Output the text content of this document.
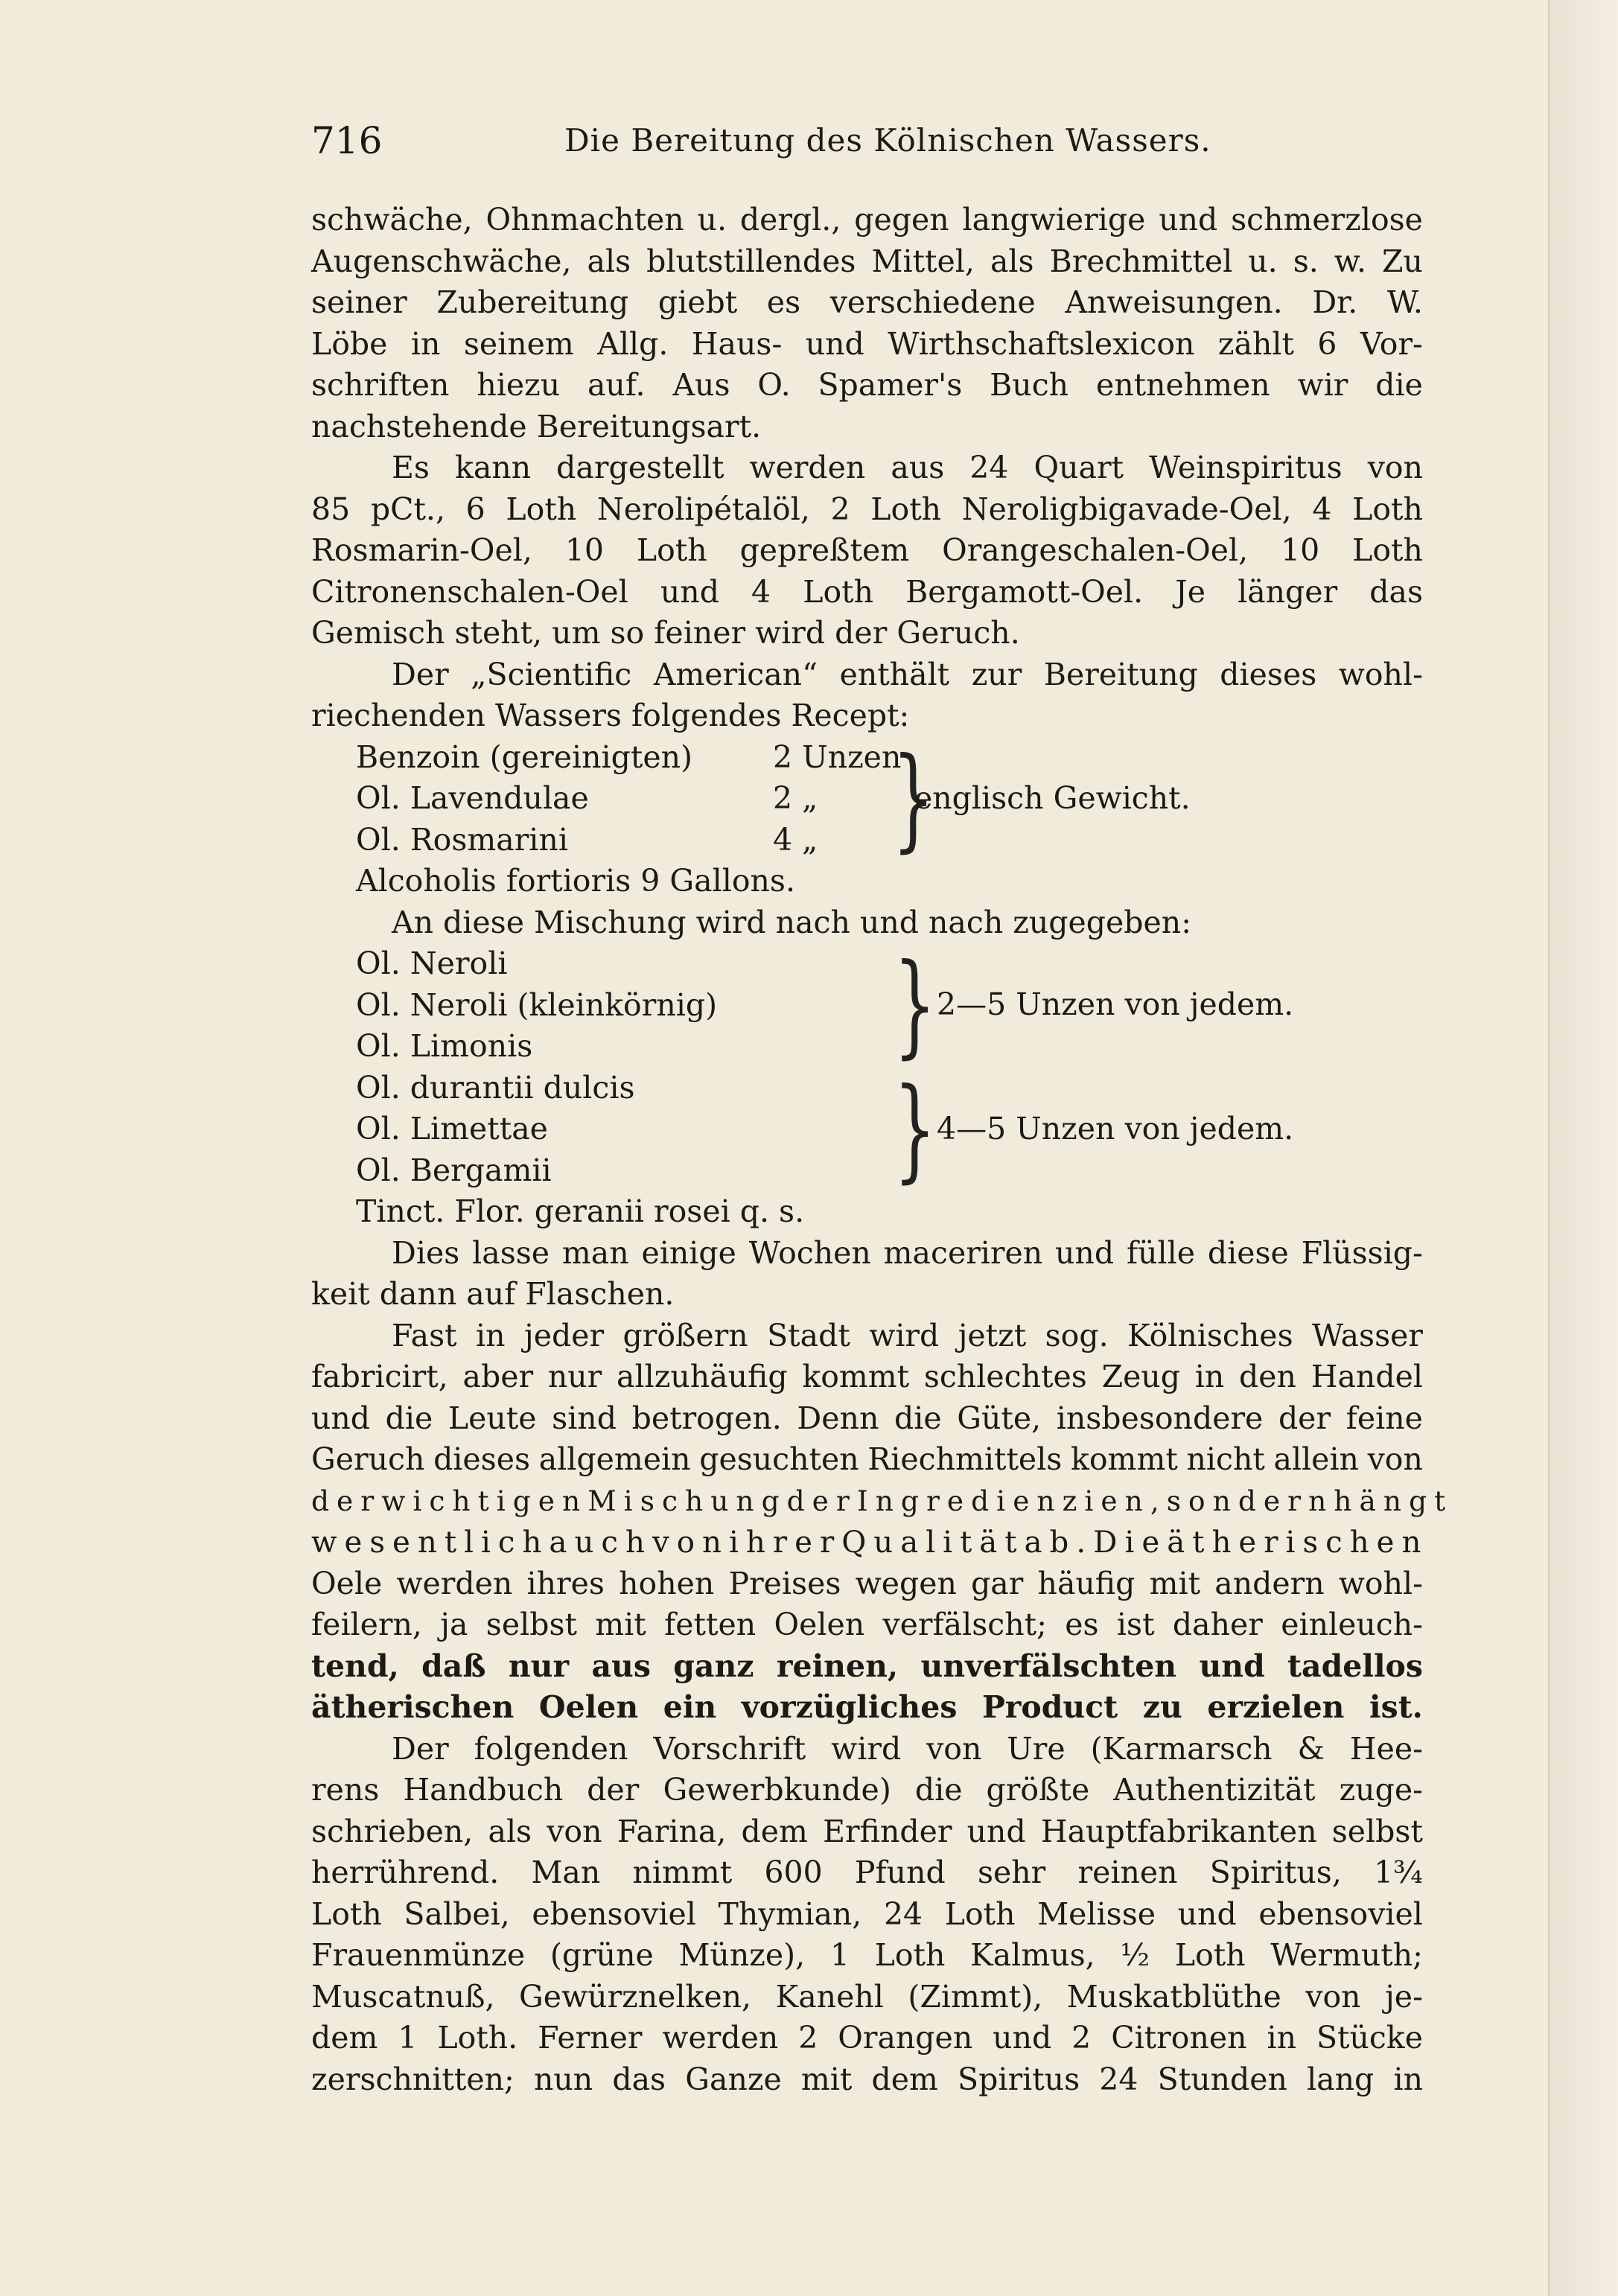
716	Die Bereitung des Kölnischen Wassers.
schwäche, Ohnmachten u. dergl., gegen langwierige und schmerzlose
Augenschwäche, als blutstillendes Mittel, als Brechmittel u. s. w. Zu
seiner Zubereitung giebt es verschiedene Anweisungen. Dr. W.
Löbe in seinem Allg. Haus- und Wirthschaftslexicon zählt 6 Vor-
schriften hiezu auf. Aus O. Spamer's Buch entnehmen wir die
nachstehende Bereitungsart.
Es kann dargestellt werden aus 24 Quart Weinspiritus von
85 pCt., 6 Loth Nerolipétalöl, 2 Loth Neroligbigavade-Oel, 4 Loth
Rosmarin-Oel, 10 Loth gepreßtem Orangeschalen-Oel, 10 Loth
Citronenschalen-Oel und 4 Loth Bergamott-Oel. Je länger das
Gemisch steht, um so feiner wird der Geruch.
Der „Scientific American“ enthält zur Bereitung dieses wohl-
riechenden Wassers folgendes Recept:
Benzoin (gereinigten)	2 Unzen
Ol. Lavendulae	2 „
Ol. Rosmarini	4 „ }
englisch Gewicht.
Alcoholis fortioris 9 Gallons.
An diese Mischung wird nach und nach zugegeben:
Ol. Neroli
Ol. Neroli (kleinkörnig)
Ol. Limonis	} 2—5 Unzen von jedem.
Ol. durantii dulcis
Ol. Limettae
Ol. Bergamii	} 4—5 Unzen von jedem.
Tinct. Flor. geranii rosei q. s.
Dies lasse man einige Wochen maceriren und fülle diese Flüssig-
keit dann auf Flaschen.
Fast in jeder größern Stadt wird jetzt sog. Kölnisches Wasser
fabricirt, aber nur allzuhäufig kommt schlechtes Zeug in den Handel
und die Leute sind betrogen. Denn die Güte, insbesondere der feine
Geruch dieses allgemein gesuchten Riechmittels kommt nicht allein von
der wichtigen Mischung der Ingredienzien, sondern hängt
wesentlich auch von ihrer Qualität ab. Die ätherischen
Oele werden ihres hohen Preises wegen gar häufig mit andern wohl-
feilern, ja selbst mit fetten Oelen verfälscht; es ist daher einleuch-
tend, daß nur aus ganz reinen, unverfälschten und tadellos
ätherischen Oelen ein vorzügliches Product zu erzielen ist.
Der folgenden Vorschrift wird von Ure (Karmarsch & Hee-
rens Handbuch der Gewerbkunde) die größte Authentizität zuge-
schrieben, als von Farina, dem Erfinder und Hauptfabrikanten selbst
herrührend. Man nimmt 600 Pfund sehr reinen Spiritus, 1¾
Loth Salbei, ebensoviel Thymian, 24 Loth Melisse und ebensoviel
Frauenmünze (grüne Münze), 1 Loth Kalmus, ½ Loth Wermuth;
Muscatnuß, Gewürznelken, Kanehl (Zimmt), Muskatblüthe von je-
dem 1 Loth. Ferner werden 2 Orangen und 2 Citronen in Stücke
zerschnitten; nun das Ganze mit dem Spiritus 24 Stunden lang in
